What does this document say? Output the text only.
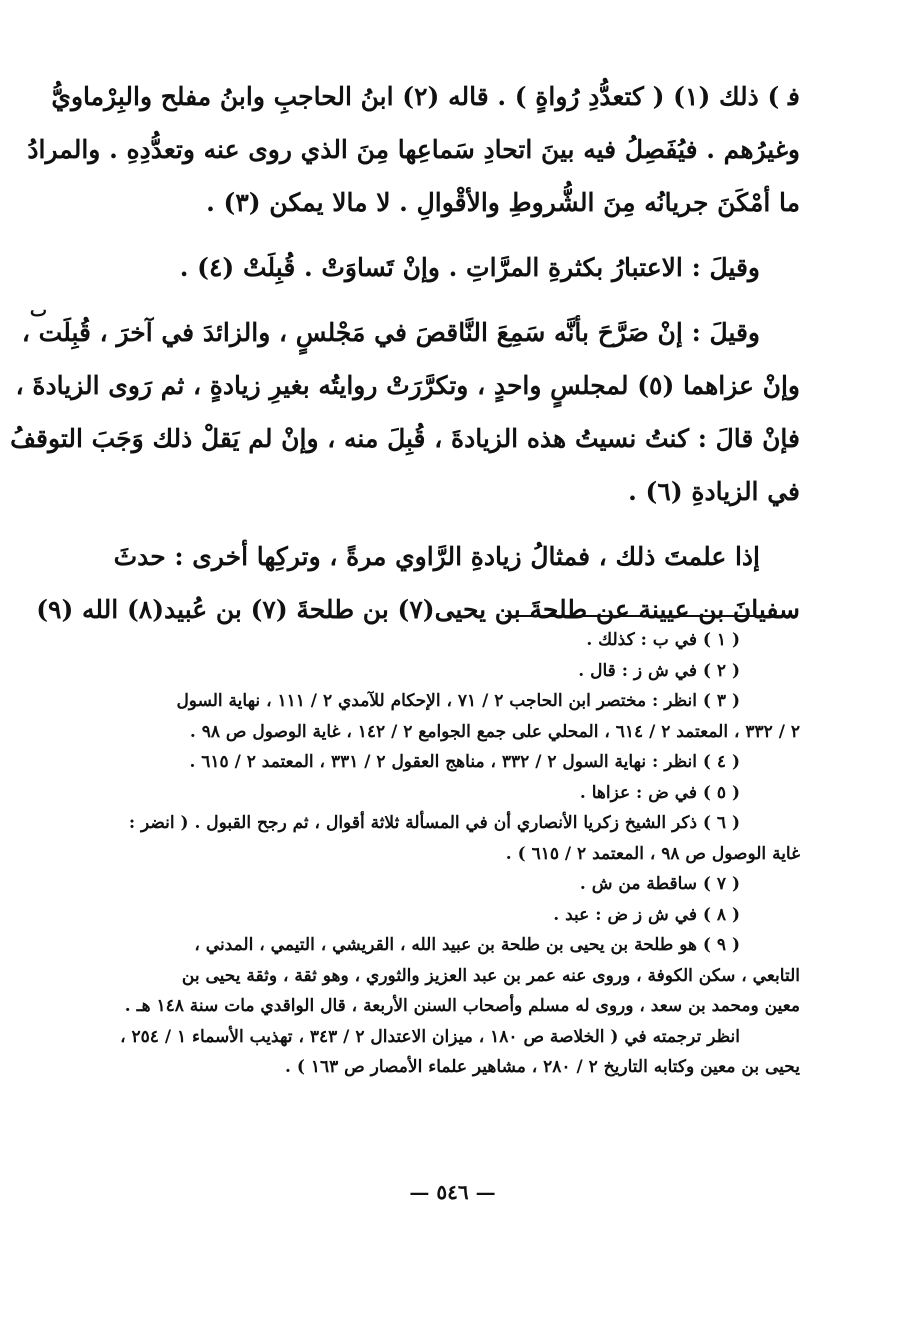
ﻓ ) ذلك (١) ( كتعدُّدِ رُواةٍ ) . قاله (٢) ابنُ الحاجبِ وابنُ مفلح والبِرْماويُّ
وغيرُهم . فيُفَصِلُ فيه بينَ اتحادِ سَماعِها مِنَ الذي روى عنه وتعدُّدِهِ . والمرادُ
ما أمْكَنَ جريانُه مِنَ الشُّروطِ والأقْوالِ . لا مالا يمكن (٣) .

وقيلَ : الاعتبارُ بكثرةِ المرَّاتِ . وإنْ تَساوَتْ . قُبِلَتْ (٤) .

وقيلَ : إنْ صَرَّحَ بأنَّه سَمِعَ النَّاقصَ في مَجْلسٍ ، والزائدَ في آخرَ ، قُبِلَت ،
وإنْ عزاهما (٥) لمجلسٍ واحدٍ ، وتكرَّرَتْ روايتُه بغيرِ زيادةٍ ، ثم رَوى الزيادةَ ،
فإنْ قالَ : كنتُ نسيتُ هذه الزيادةَ ، قُبِلَ منه ، وإنْ لم يَقلْ ذلك وَجَبَ التوقفُ
في الزيادةِ (٦) .

إذا علمتَ ذلك ، فمثالُ زيادةِ الرَّاوي مرةً ، وتركِها أخرى : حدثَ
سفيانَ بن عيينة عن طلحةَ بن يحيى(٧) بن طلحةَ (٧) بن عُبيد(٨) الله (٩)

ٮ
( ١ ) في ب : كذلك .
( ٢ ) في ش ز : قال .
( ٣ ) انظر : مختصر ابن الحاجب ٢ / ٧١ ، الإحكام للآمدي ٢ / ١١١ ، نهاية السول
٢ / ٣٣٢ ، المعتمد ٢ / ٦١٤ ، المحلي على جمع الجوامع ٢ / ١٤٢ ، غاية الوصول ص ٩٨ .
( ٤ ) انظر : نهاية السول ٢ / ٣٣٢ ، مناهج العقول ٢ / ٣٣١ ، المعتمد ٢ / ٦١٥ .
( ٥ ) في ض : عزاها .
( ٦ ) ذكر الشيخ زكريا الأنصاري أن في المسألة ثلاثة أقوال ، ثم رجح القبول . ( انضر :
غاية الوصول ص ٩٨ ، المعتمد ٢ / ٦١٥ ) .
( ٧ ) ساقطة من ش .
( ٨ ) في ش ز ض : عبد .
( ٩ ) هو طلحة بن يحيى بن طلحة بن عبيد الله ، القريشي ، التيمي ، المدني ،
التابعي ، سكن الكوفة ، وروى عنه عمر بن عبد العزيز والثوري ، وهو ثقة ، وثقة يحيى بن
معين ومحمد بن سعد ، وروى له مسلم وأصحاب السنن الأربعة ، قال الواقدي مات سنة ١٤٨ هـ .
انظر ترجمته في ( الخلاصة ص ١٨٠ ، ميزان الاعتدال ٢ / ٣٤٣ ، تهذيب الأسماء ١ / ٢٥٤ ،
يحيى بن معين وكتابه التاريخ ٢ / ٢٨٠ ، مشاهير علماء الأمصار ص ١٦٣ ) .
— ٥٤٦ —
